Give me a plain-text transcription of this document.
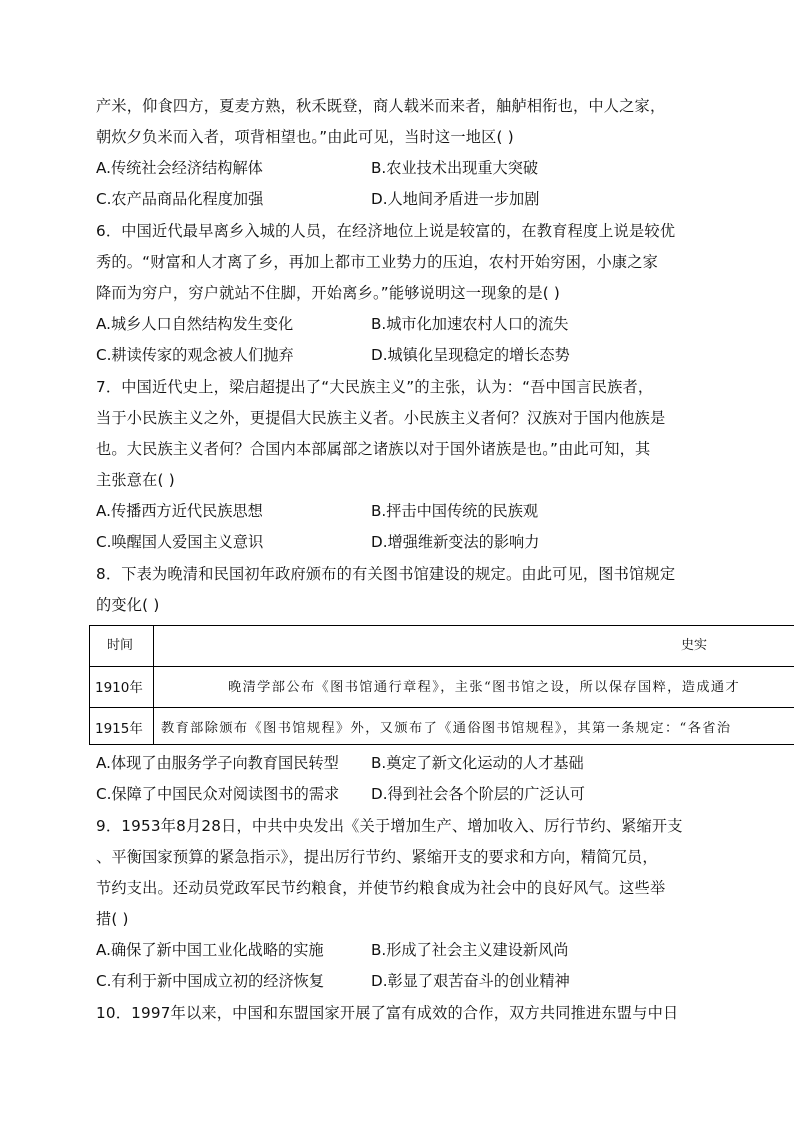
产米，仰食四方，夏麦方熟，秋禾既登，商人载米而来者，舳舻相衔也，中人之家，
朝炊夕负米而入者，项背相望也。”由此可见，当时这一地区( )
A.传统社会经济结构解体	B.农业技术出现重大突破
C.农产品商品化程度加强	D.人地间矛盾进一步加剧
6．中国近代最早离乡入城的人员，在经济地位上说是较富的，在教育程度上说是较优
秀的。“财富和人才离了乡，再加上都市工业势力的压迫，农村开始穷困，小康之家
降而为穷户，穷户就站不住脚，开始离乡。”能够说明这一现象的是( )
A.城乡人口自然结构发生变化	B.城市化加速农村人口的流失
C.耕读传家的观念被人们抛弃	D.城镇化呈现稳定的增长态势
7．中国近代史上，梁启超提出了“大民族主义”的主张，认为：“吾中国言民族者，
当于小民族主义之外，更提倡大民族主义者。小民族主义者何？汉族对于国内他族是
也。大民族主义者何？合国内本部属部之诸族以对于国外诸族是也。”由此可知，其
主张意在( )
A.传播西方近代民族思想	B.抨击中国传统的民族观
C.唤醒国人爱国主义意识	D.增强维新变法的影响力
8．下表为晚清和民国初年政府颁布的有关图书馆建设的规定。由此可见，图书馆规定
的变化( )
时间	史实
1910年	晚清学部公布《图书馆通行章程》，主张“图书馆之设，所以保存国粹，造成通才
1915年 教育部除颁布《图书馆规程》外，又颁布了《通俗图书馆规程》，其第一条规定：“各省治
A.体现了由服务学子向教育国民转型 B.奠定了新文化运动的人才基础
C.保障了中国民众对阅读图书的需求 D.得到社会各个阶层的广泛认可
9．1953年8月28日，中共中央发出《关于增加生产、增加收入、厉行节约、紧缩开支
、平衡国家预算的紧急指示》，提出厉行节约、紧缩开支的要求和方向，精简冗员，
节约支出。还动员党政军民节约粮食，并使节约粮食成为社会中的良好风气。这些举
措( )
A.确保了新中国工业化战略的实施	B.形成了社会主义建设新风尚
C.有利于新中国成立初的经济恢复	D.彰显了艰苦奋斗的创业精神
10．1997年以来，中国和东盟国家开展了富有成效的合作，双方共同推进东盟与中日
